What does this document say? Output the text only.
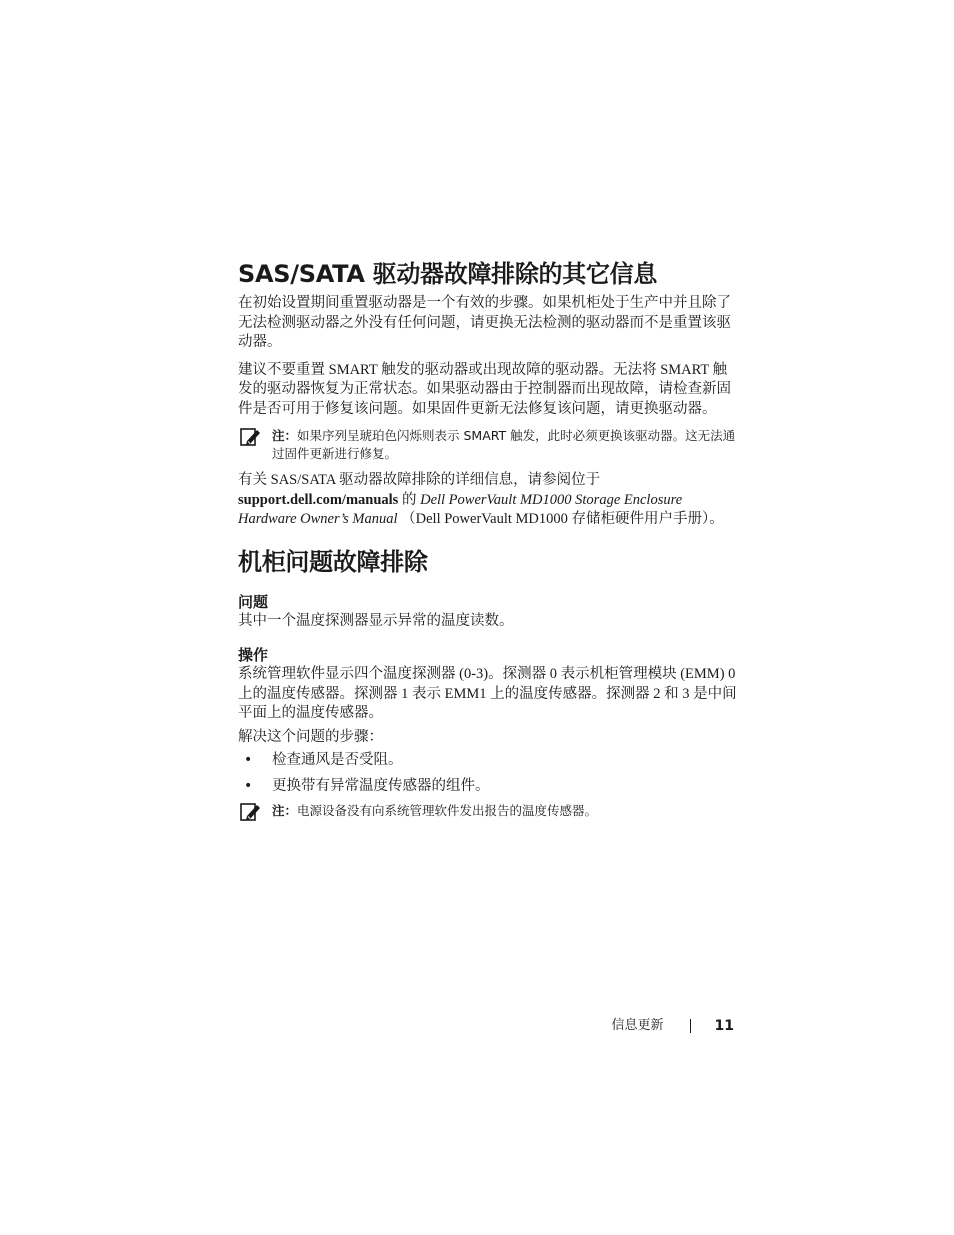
SAS/SATA 驱动器故障排除的其它信息

在初始设置期间重置驱动器是一个有效的步骤。如果机柜处于生产中并且除了无法检测驱动器之外没有任何问题，请更换无法检测的驱动器而不是重置该驱动器。

建议不要重置 SMART 触发的驱动器或出现故障的驱动器。无法将 SMART 触发的驱动器恢复为正常状态。如果驱动器由于控制器而出现故障，请检查新固件是否可用于修复该问题。如果固件更新无法修复该问题，请更换驱动器。

注：如果序列呈琥珀色闪烁则表示 SMART 触发，此时必须更换该驱动器。这无法通过固件更新进行修复。

有关 SAS/SATA 驱动器故障排除的详细信息，请参阅位于
support.dell.com/manuals 的 Dell PowerVault MD1000 Storage Enclosure Hardware Owner’s Manual （Dell PowerVault MD1000 存储柜硬件用户手册）。

机柜问题故障排除
问题

其中一个温度探测器显示异常的温度读数。

操作

系统管理软件显示四个温度探测器 (0-3)。探测器 0 表示机柜管理模块 (EMM) 0 上的温度传感器。探测器 1 表示 EMM1 上的温度传感器。探测器 2 和 3 是中间平面上的温度传感器。

解决这个问题的步骤：

• 检查通风是否受阻。
• 更换带有异常温度传感器的组件。
注：电源设备没有向系统管理软件发出报告的温度传感器。
信息更新	11
